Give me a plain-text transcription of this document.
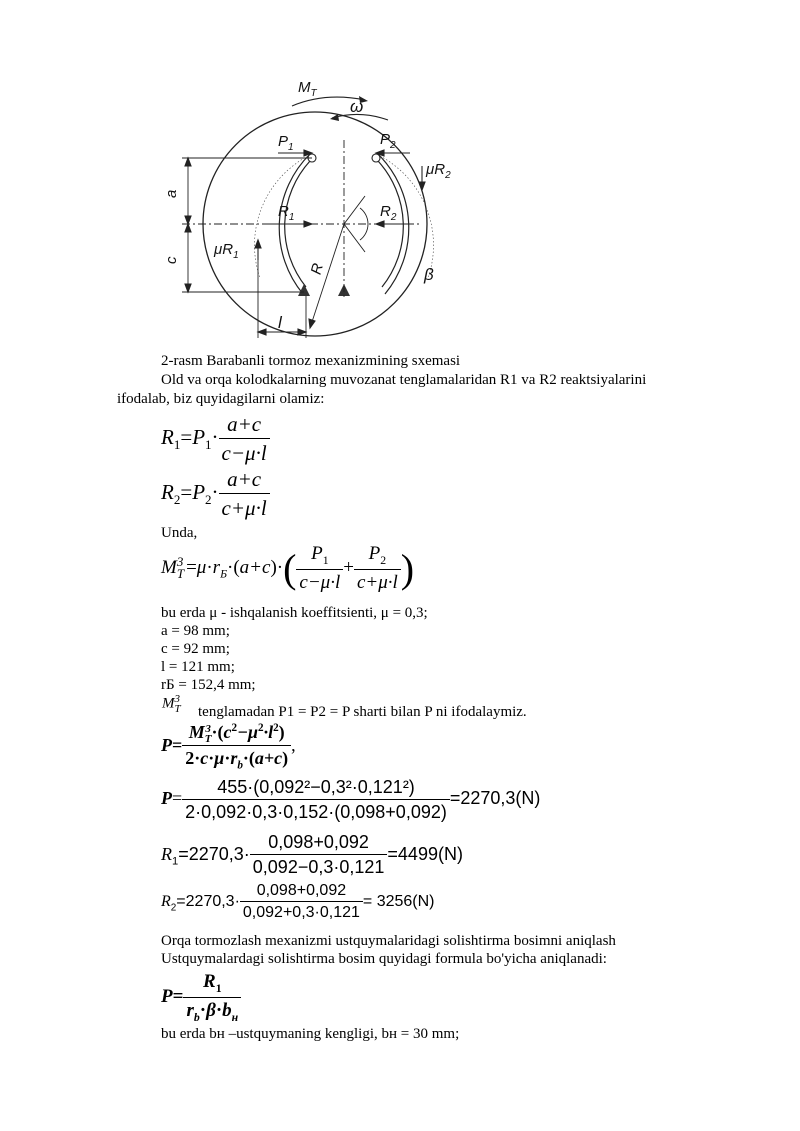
$M_T$
ω
$P_1$	$P_2$
$\mu R_2$
$R_1$	$R_2$
$\mu R_1$
a
c
R	β
l
2-rasm Barabanli tormoz mexanizmining sxemasi
Old va orqa kolodkalarning muvozanat tenglamalaridan R1 va R2 reaktsiyalarini
ifodalab, biz quyidagilarni olamiz:
$R_1=P_1\cdot \frac{a+c}{c-\mu\cdot l}$
$R_2=P_2\cdot \frac{a+c}{c+\mu\cdot l}$
Unda,
M 3
$T =\mu\cdot r_Б\cdot(a+c)\cdot( \frac{P_1}{c-\mu\cdot l} + \frac{P_2}{c+\mu\cdot l}$ )
bu erda μ - ishqalanish koeffitsienti, μ = 0,3;
a = 98 mm;
c = 92 mm;
l = 121 mm;
rБ = 152,4 mm;
M 3
T tenglamadan P1 = P2 = P sharti bilan P ni ifodalaymiz.
P= M 3
$T \cdot(c^2-\mu^2\cdot l^2)$
$2\cdot c\cdot\mu\cdot r_b\cdot(a+c)$ ,
$P= \frac{\text{455·(0,092²−0,3²·0,121²)}}{2\cdot 0,092\cdot 0,3\cdot 0,152\cdot(0,098+0,092)} =2270,3(N)$
$R_1=2270,3\cdot \frac{0,098+0,092}{0,092-0,3\cdot 0,121} =4499(N)$
$R_2=2270,3\cdot \frac{0,098+0,092}{0,092+0,3\cdot 0,121} = 3256(N)$
Orqa tormozlash mexanizmi ustquymalaridagi solishtirma bosimni aniqlash
Ustquymalardagi solishtirma bosim quyidagi formula bo'yicha aniqlanadi:
$P= \frac{R_1}{r_b\cdot\beta\cdot b_н}$
bu erda bн –ustquymaning kengligi, bн = 30 mm;
